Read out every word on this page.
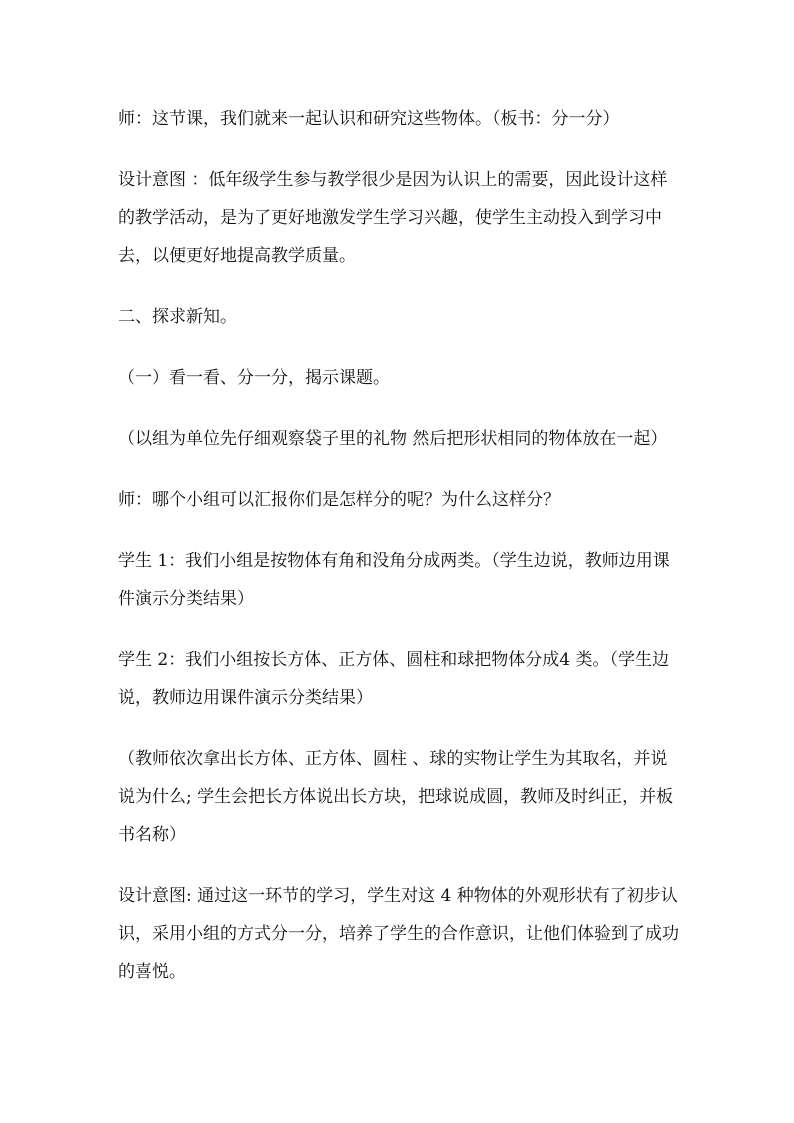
师：这节课，我们就来一起认识和研究这些物体。（板书：分一分）

设计意图 ：低年级学生参与教学很少是因为认识上的需要，因此设计这样的教学活动，是为了更好地激发学生学习兴趣，使学生主动投入到学习中去，以便更好地提高教学质量。

二、探求新知。

（一）看一看、分一分，揭示课题。

（以组为单位先仔细观察袋子里的礼物 然后把形状相同的物体放在一起）

师：哪个小组可以汇报你们是怎样分的呢？为什么这样分？

学生 1：我们小组是按物体有角和没角分成两类。（学生边说，教师边用课件演示分类结果）

学生 2：我们小组按长方体、正方体、圆柱和球把物体分成4 类。（学生边说，教师边用课件演示分类结果）

（教师依次拿出长方体、正方体、圆柱 、球的实物让学生为其取名，并说说为什么; 学生会把长方体说出长方块，把球说成圆，教师及时纠正，并板书名称）

设计意图: 通过这一环节的学习，学生对这 4 种物体的外观形状有了初步认识，采用小组的方式分一分，培养了学生的合作意识，让他们体验到了成功的喜悦。
